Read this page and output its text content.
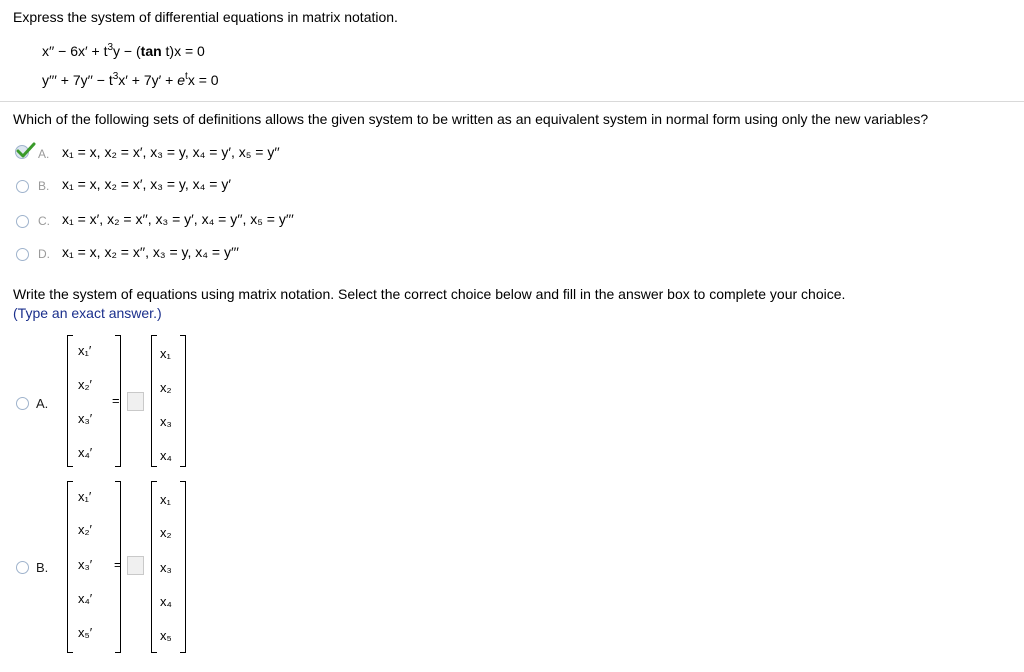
Express the system of differential equations in matrix notation.
$x'' - 6x' + t^3y - (\tan$ t)x = 0
$y''' + 7y'' - t^3x' + 7y' + e^tx = 0$
Which of the following sets of definitions allows the given system to be written as an equivalent system in normal form using only the new variables?
A. x₁ = x, x₂ = x′, x₃ = y, x₄ = y′, x₅ = y′′
B. x₁ = x, x₂ = x′, x₃ = y, x₄ = y′
C. x₁ = x′, x₂ = x′′, x₃ = y′, x₄ = y′′, x₅ = y′′′
D. x₁ = x, x₂ = x′′, x₃ = y, x₄ = y′′′
Write the system of equations using matrix notation. Select the correct choice below and fill in the answer box to complete your choice.
(Type an exact answer.)
A.
x₁′
x₂′
x₃′
x₄′
=
x₁
x₂
x₃
x₄
B.
x₁′
x₂′
x₃′
x₄′
x₅′
=
x₁
x₂
x₃
x₄
x₅
